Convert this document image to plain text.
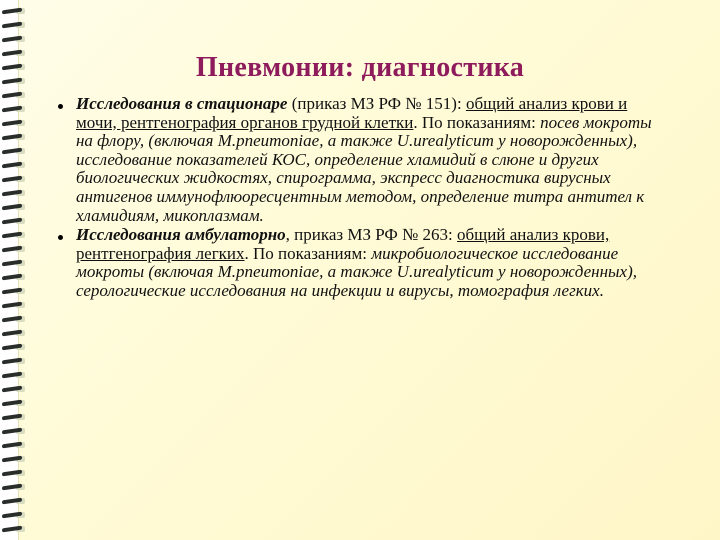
Пневмонии: диагностика
Исследования в стационаре (приказ МЗ РФ № 151): общий анализ крови и мочи, рентгенография органов грудной клетки. По показаниям: посев мокроты на флору, (включая M.pneumoniae, а также U.urealyticum у новорожденных), исследование показателей КОС, определение хламидий в слюне и других биологических жидкостях, спирограмма, экспресс диагностика вирусных антигенов иммунофлюоресцентным методом, определение титра антител к хламидиям, микоплазмам.
Исследования амбулаторно, приказ МЗ РФ № 263: общий анализ крови, рентгенография легких. По показаниям: микробиологическое исследование мокроты (включая M.pneumoniae, а также U.urealyticum у новорожденных), серологические исследования на инфекции и вирусы, томография легких.
